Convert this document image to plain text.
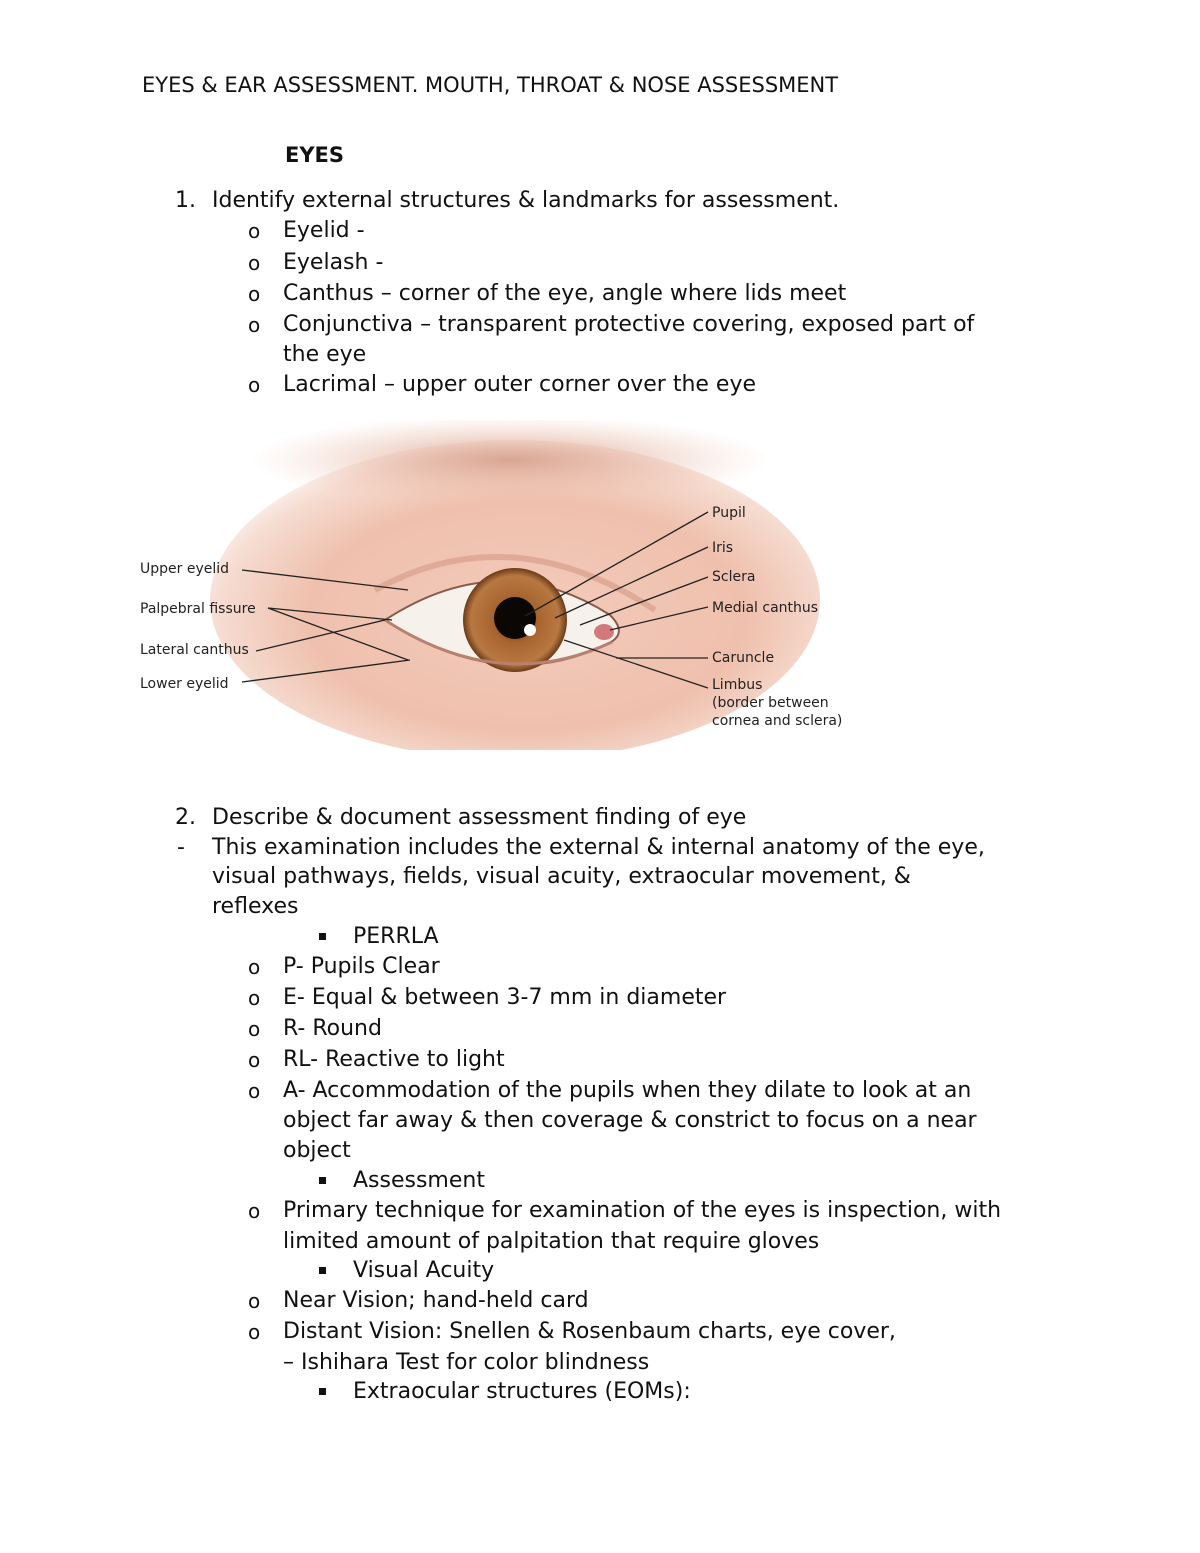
EYES & EAR ASSESSMENT. MOUTH, THROAT & NOSE ASSESSMENT
EYES
1. Identify external structures & landmarks for assessment.
o Eyelid -
o Eyelash -
o Canthus – corner of the eye, angle where lids meet
o Conjunctiva – transparent protective covering, exposed part of
the eye
o Lacrimal – upper outer corner over the eye
Upper eyelid
Palpebral fissure
Lateral canthus
Lower eyelid
Pupil
Iris
Sclera
Medial canthus
Caruncle
Limbus
(border between
cornea and sclera)
2. Describe & document assessment finding of eye
- This examination includes the external & internal anatomy of the eye,
visual pathways, fields, visual acuity, extraocular movement, &
reflexes
PERRLA
o P- Pupils Clear
o E- Equal & between 3-7 mm in diameter
o R- Round
o RL- Reactive to light
o A- Accommodation of the pupils when they dilate to look at an
object far away & then coverage & constrict to focus on a near
object
Assessment
o Primary technique for examination of the eyes is inspection, with
limited amount of palpitation that require gloves
Visual Acuity
o Near Vision; hand-held card
o Distant Vision: Snellen & Rosenbaum charts, eye cover,
– Ishihara Test for color blindness
Extraocular structures (EOMs):
